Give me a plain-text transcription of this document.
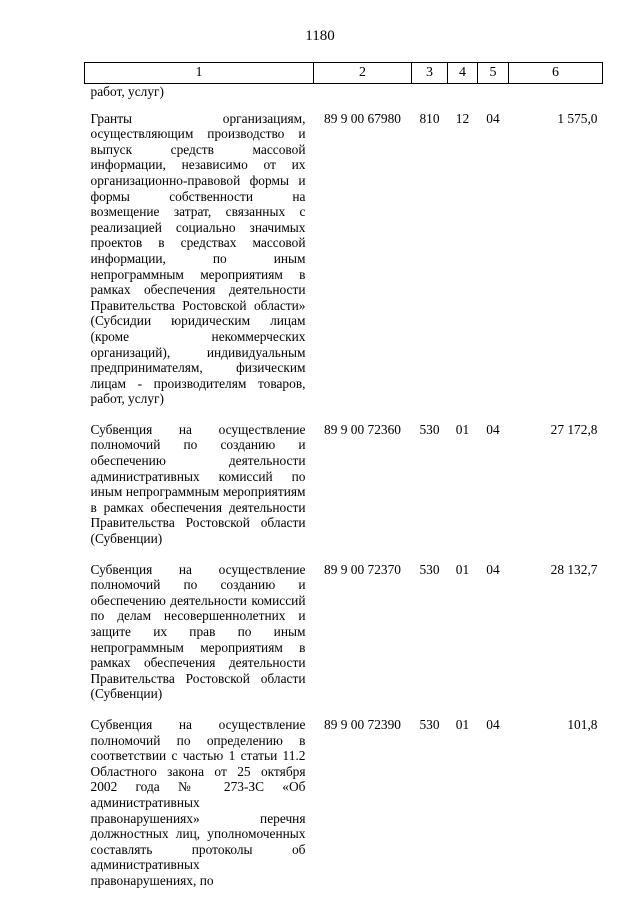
1180
1	2	3	4	5	6
работ, услуг)					

Гранты организациям, осуществляющим производство и выпуск средств массовой информации, независимо от их организационно-правовой формы и формы собственности на возмещение затрат, связанных с реализацией социально значимых проектов в средствах массовой информации, по иным непрограммным мероприятиям в рамках обеспечения деятельности Правительства Ростовской области» (Субсидии юридическим лицам (кроме некоммерческих организаций), индивидуальным предпринимателям, физическим лицам - производителям товаров, работ, услуг)	89 9 00 67980	810	12	04	1 575,0

Субвенция на осуществление полномочий по созданию и обеспечению деятельности административных комиссий по иным непрограммным мероприятиям в рамках обеспечения деятельности Правительства Ростовской области (Субвенции)	89 9 00 72360	530	01	04	27 172,8

Субвенция на осуществление полномочий по созданию и обеспечению деятельности комиссий по делам несовершеннолетних и защите их прав по иным непрограммным мероприятиям в рамках обеспечения деятельности Правительства Ростовской области (Субвенции)	89 9 00 72370	530	01	04	28 132,7

Субвенция на осуществление полномочий по определению в соответствии с частью 1 статьи 11.2 Областного закона от 25 октября 2002 года № 273-ЗС «Об административных правонарушениях» перечня должностных лиц, уполномоченных составлять протоколы об административных правонарушениях, по	89 9 00 72390	530	01	04	101,8
